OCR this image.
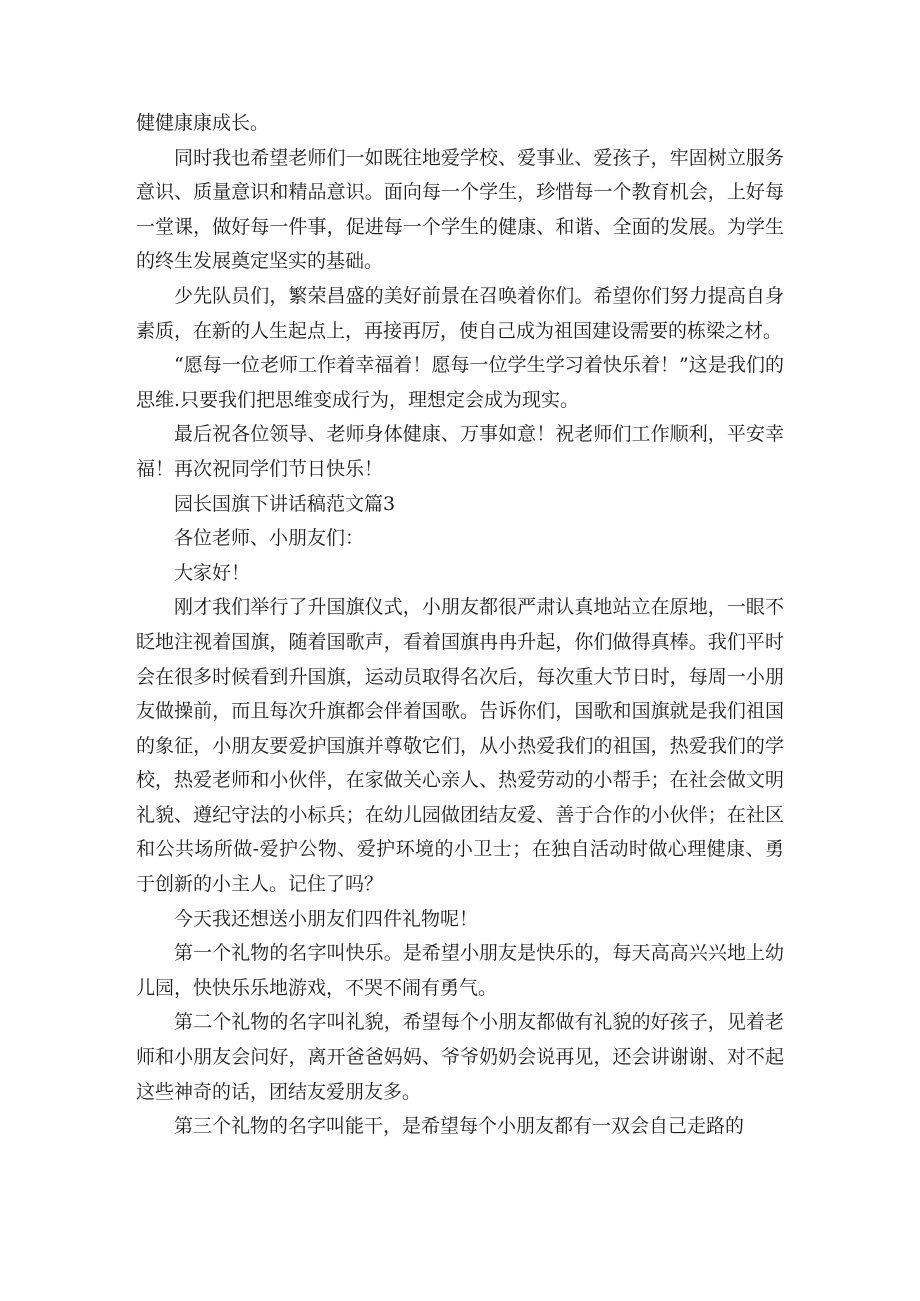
健健康康成长。

同时我也希望老师们一如既往地爱学校、爱事业、爱孩子，牢固树立服务意识、质量意识和精品意识。面向每一个学生，珍惜每一个教育机会，上好每一堂课，做好每一件事，促进每一个学生的健康、和谐、全面的发展。为学生的终生发展奠定坚实的基础。

少先队员们，繁荣昌盛的美好前景在召唤着你们。希望你们努力提高自身素质，在新的人生起点上，再接再厉，使自己成为祖国建设需要的栋梁之材。

“愿每一位老师工作着幸福着！愿每一位学生学习着快乐着！”这是我们的思维.只要我们把思维变成行为，理想定会成为现实。

最后祝各位领导、老师身体健康、万事如意！祝老师们工作顺利，平安幸福！再次祝同学们节日快乐！

园长国旗下讲话稿范文篇3

各位老师、小朋友们：

大家好！

刚才我们举行了升国旗仪式，小朋友都很严肃认真地站立在原地，一眼不眨地注视着国旗，随着国歌声，看着国旗冉冉升起，你们做得真棒。我们平时会在很多时候看到升国旗，运动员取得名次后，每次重大节日时，每周一小朋友做操前，而且每次升旗都会伴着国歌。告诉你们，国歌和国旗就是我们祖国的象征，小朋友要爱护国旗并尊敬它们，从小热爱我们的祖国，热爱我们的学校，热爱老师和小伙伴，在家做关心亲人、热爱劳动的小帮手；在社会做文明礼貌、遵纪守法的小标兵；在幼儿园做团结友爱、善于合作的小伙伴；在社区和公共场所做-爱护公物、爱护环境的小卫士；在独自活动时做心理健康、勇于创新的小主人。记住了吗？

今天我还想送小朋友们四件礼物呢！

第一个礼物的名字叫快乐。是希望小朋友是快乐的，每天高高兴兴地上幼儿园，快快乐乐地游戏，不哭不闹有勇气。

第二个礼物的名字叫礼貌，希望每个小朋友都做有礼貌的好孩子，见着老师和小朋友会问好，离开爸爸妈妈、爷爷奶奶会说再见，还会讲谢谢、对不起这些神奇的话，团结友爱朋友多。

第三个礼物的名字叫能干，是希望每个小朋友都有一双会自己走路的
